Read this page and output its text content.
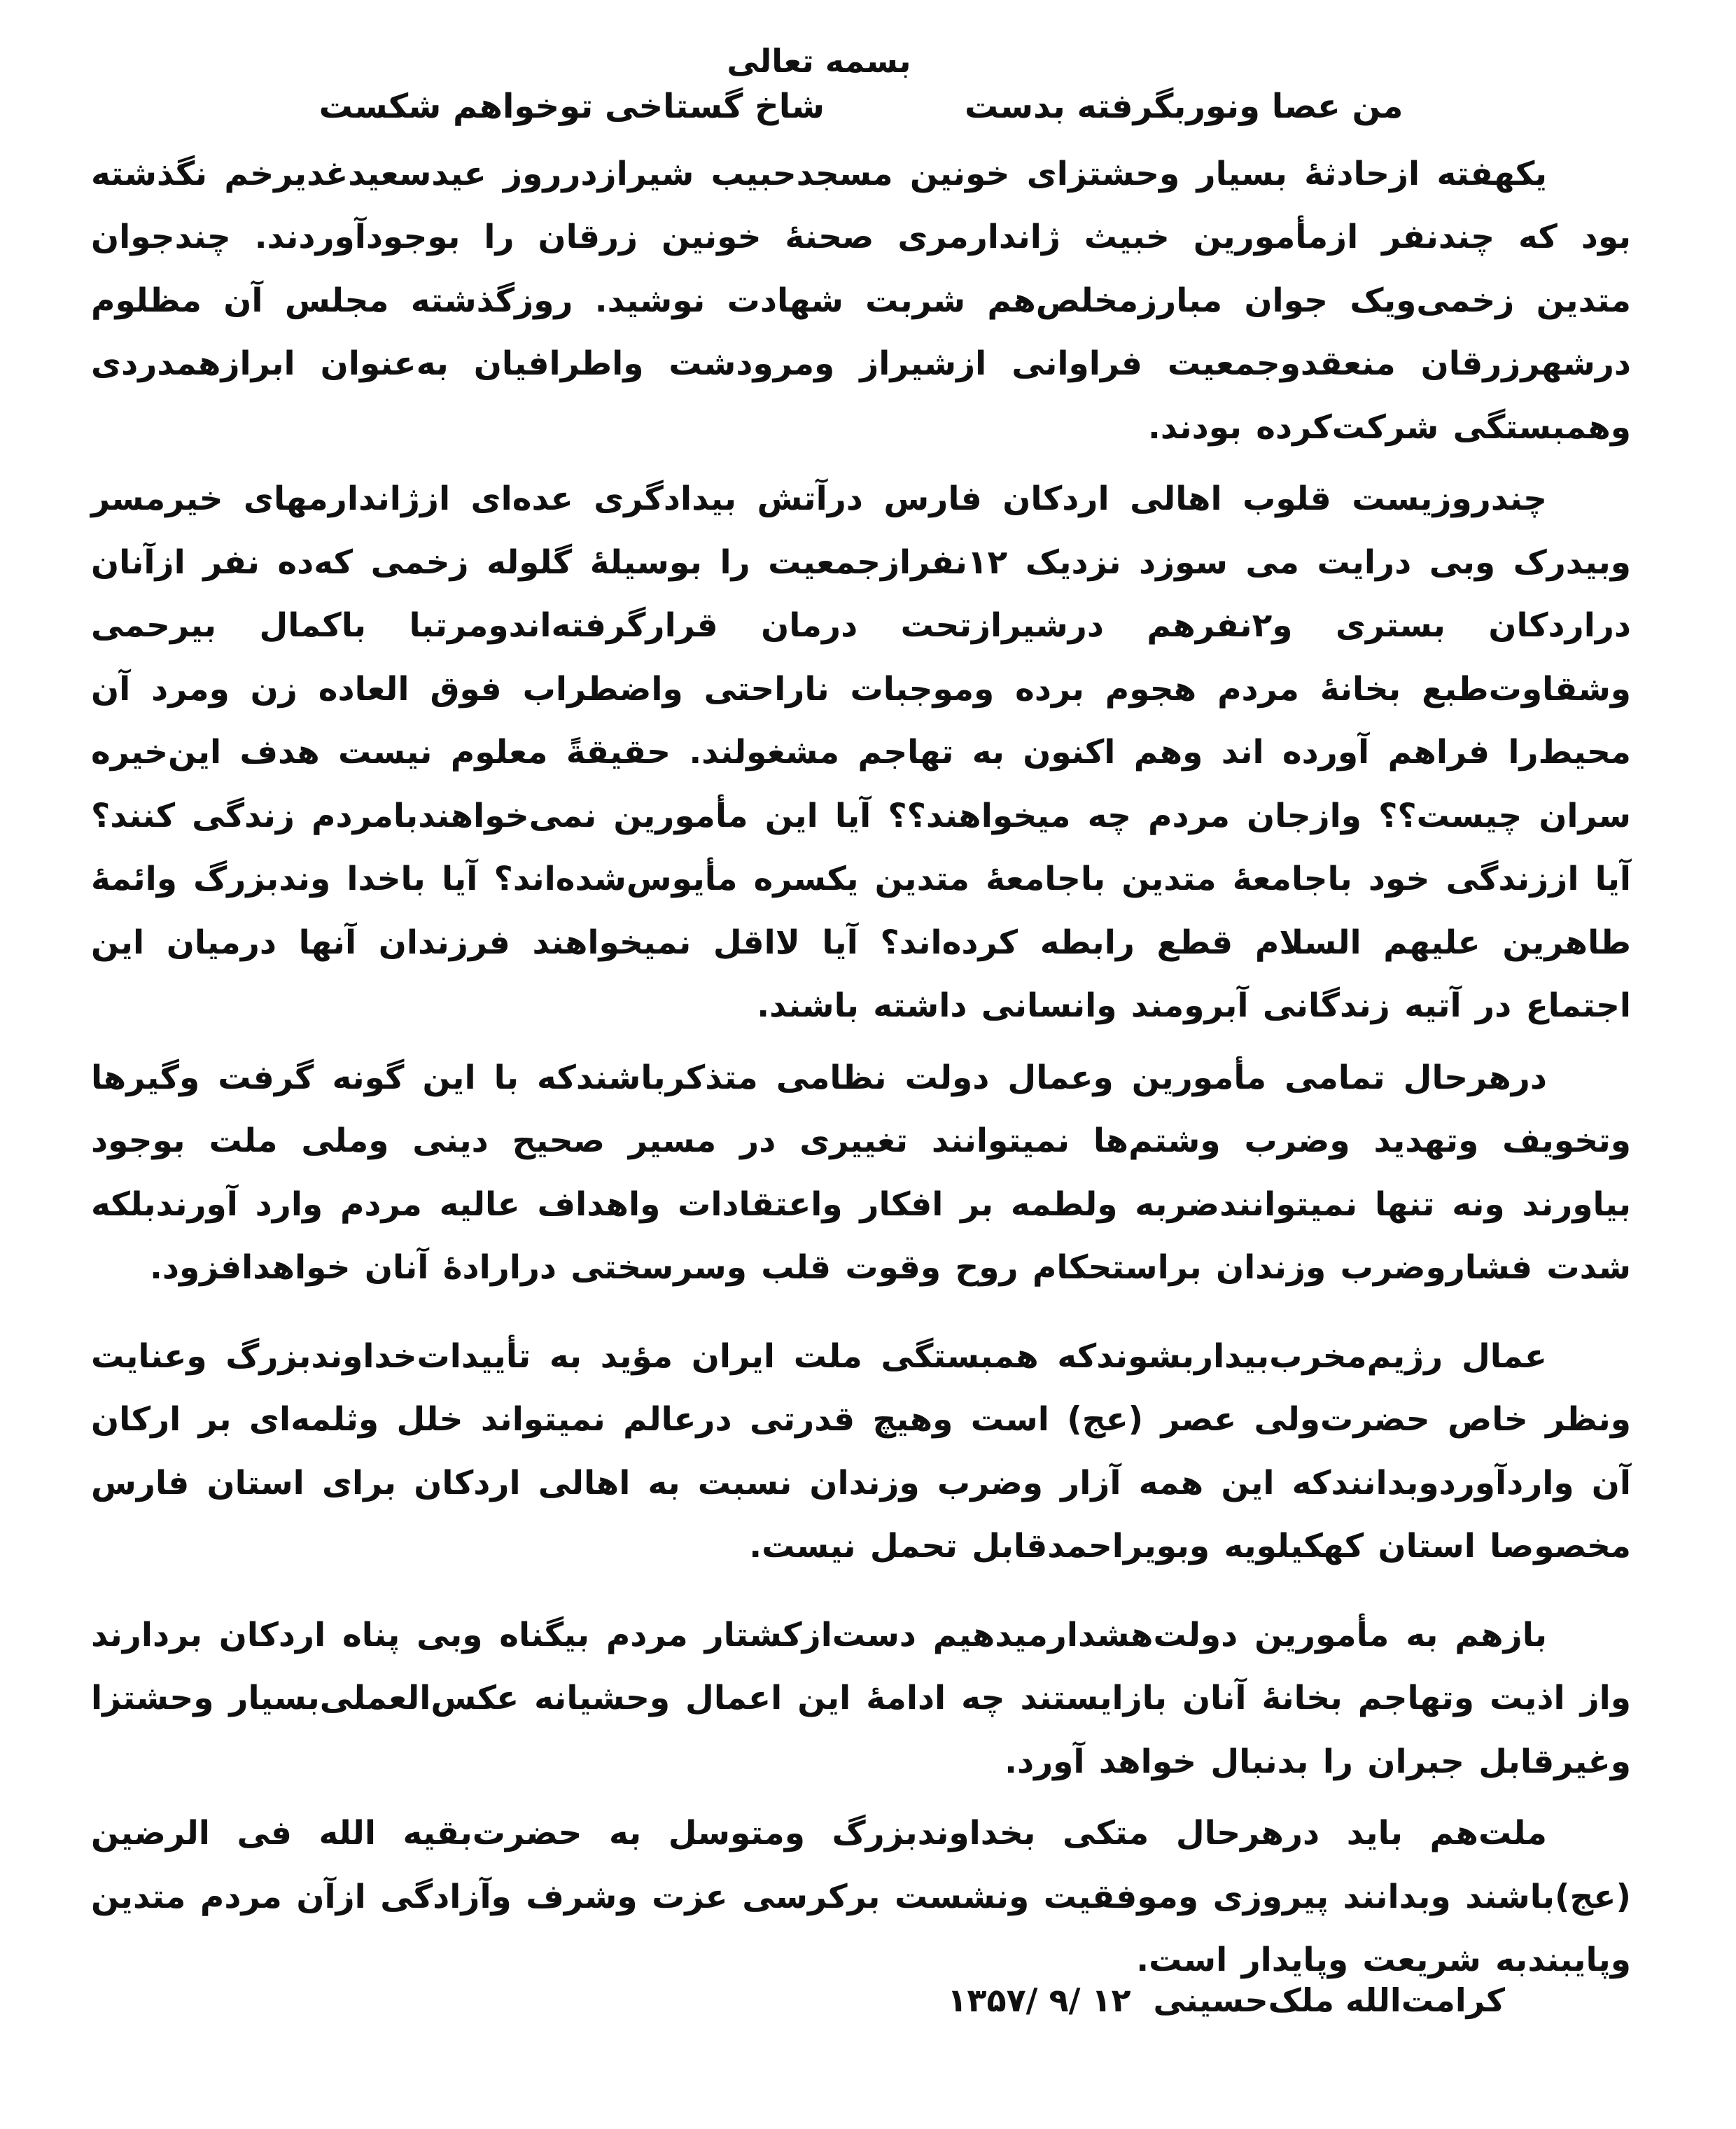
بسمه تعالی
من عصا ونوربگرفته بدست
شاخ گستاخی توخواهم شکست

یکهفته ازحادثه‌ٔ بسیار وحشتزای خونین مسجدحبیب شیرازدرروز عیدسعیدغدیرخم نگذشته بود که چندنفر ازمأمورین خبیث ژاندارمری صحنه‌ٔ خونین زرقان را بوجودآوردند. چندجوان متدین زخمی‌ویک جوان مبارزمخلص‌هم شربت شهادت نوشید. روزگذشته مجلس آن مظلوم درشهرزرقان منعقدوجمعیت فراوانی ازشیراز ومرودشت واطرافیان به‌عنوان ابرازهمدردی وهمبستگی شرکت‌کرده بودند.

چندروزیست قلوب اهالی اردکان فارس درآتش بیدادگری عده‌ای ازژاندارمهای خیرمسر وبیدرک وبی درایت می سوزد نزدیک ۱۲نفرازجمعیت را بوسیله‌ٔ گلوله زخمی که‌ده نفر ازآنان دراردکان بستری و۲نفرهم درشیرازتحت درمان قرارگرفته‌اندومرتبا باکمال بیرحمی وشقاوت‌طبع بخانه‌ٔ مردم هجوم برده وموجبات ناراحتی واضطراب فوق العاده زن ومرد آن محیط‌را فراهم آورده اند وهم اکنون به تهاجم مشغولند. حقیقةً معلوم نیست هدف این‌خیره سران چیست؟؟ وازجان مردم چه میخواهند؟؟ آیا این مأمورین نمی‌خواهندبامردم زندگی کنند؟ آیا اززندگی خود باجامعه‌ٔ متدین باجامعه‌ٔ متدین یکسره مأیوس‌شده‌اند؟ آیا باخدا وندبزرگ وائمه‌ٔ طاهرین علیهم السلام قطع رابطه کرده‌اند؟ آیا لااقل نمیخواهند فرزندان آنها درمیان این اجتماع در آتیه زندگانی آبرومند وانسانی داشته باشند.

درهرحال تمامی مأمورین وعمال دولت نظامی متذکرباشندکه با این گونه گرفت وگیرها وتخویف وتهدید وضرب وشتم‌ها نمیتوانند تغییری در مسیر صحیح دینی وملی ملت بوجود بیاورند ونه تنها نمیتوانندضربه ولطمه بر افکار واعتقادات واهداف عالیه مردم وارد آورندبلکه شدت فشاروضرب وزندان براستحکام روح وقوت قلب وسرسختی درارادهٔ آنان خواهدافزود.

عمال رژیم‌مخرب‌بیداربشوندکه همبستگی ملت ایران مؤید به تأییدات‌خداوندبزرگ وعنایت ونظر خاص حضرت‌ولی عصر (عج) است وهیچ قدرتی درعالم نمیتواند خلل وثلمه‌ای بر ارکان آن واردآوردوبدانندکه این همه آزار وضرب وزندان نسبت به اهالی اردکان برای استان فارس مخصوصا استان کهکیلویه وبویراحمدقابل تحمل نیست.

بازهم به مأمورین دولت‌هشدارمیدهیم دست‌ازکشتار مردم بیگناه وبی پناه اردکان بردارند واز اذیت وتهاجم بخانهٔ آنان بازایستند چه ادامهٔ این اعمال وحشیانه عکس‌العملی‌بسیار وحشتزا وغیرقابل جبران را بدنبال خواهد آورد.

ملت‌هم باید درهرحال متکی بخداوندبزرگ ومتوسل به حضرت‌بقیه الله فی الرضین (عج)باشند وبدانند پیروزی وموفقیت ونشست برکرسی عزت وشرف وآزادگی ازآن مردم متدین وپایبندبه شریعت وپایدار است.

کرامت‌الله ملک‌حسینی
۱۲ /۹ /۱۳۵۷
